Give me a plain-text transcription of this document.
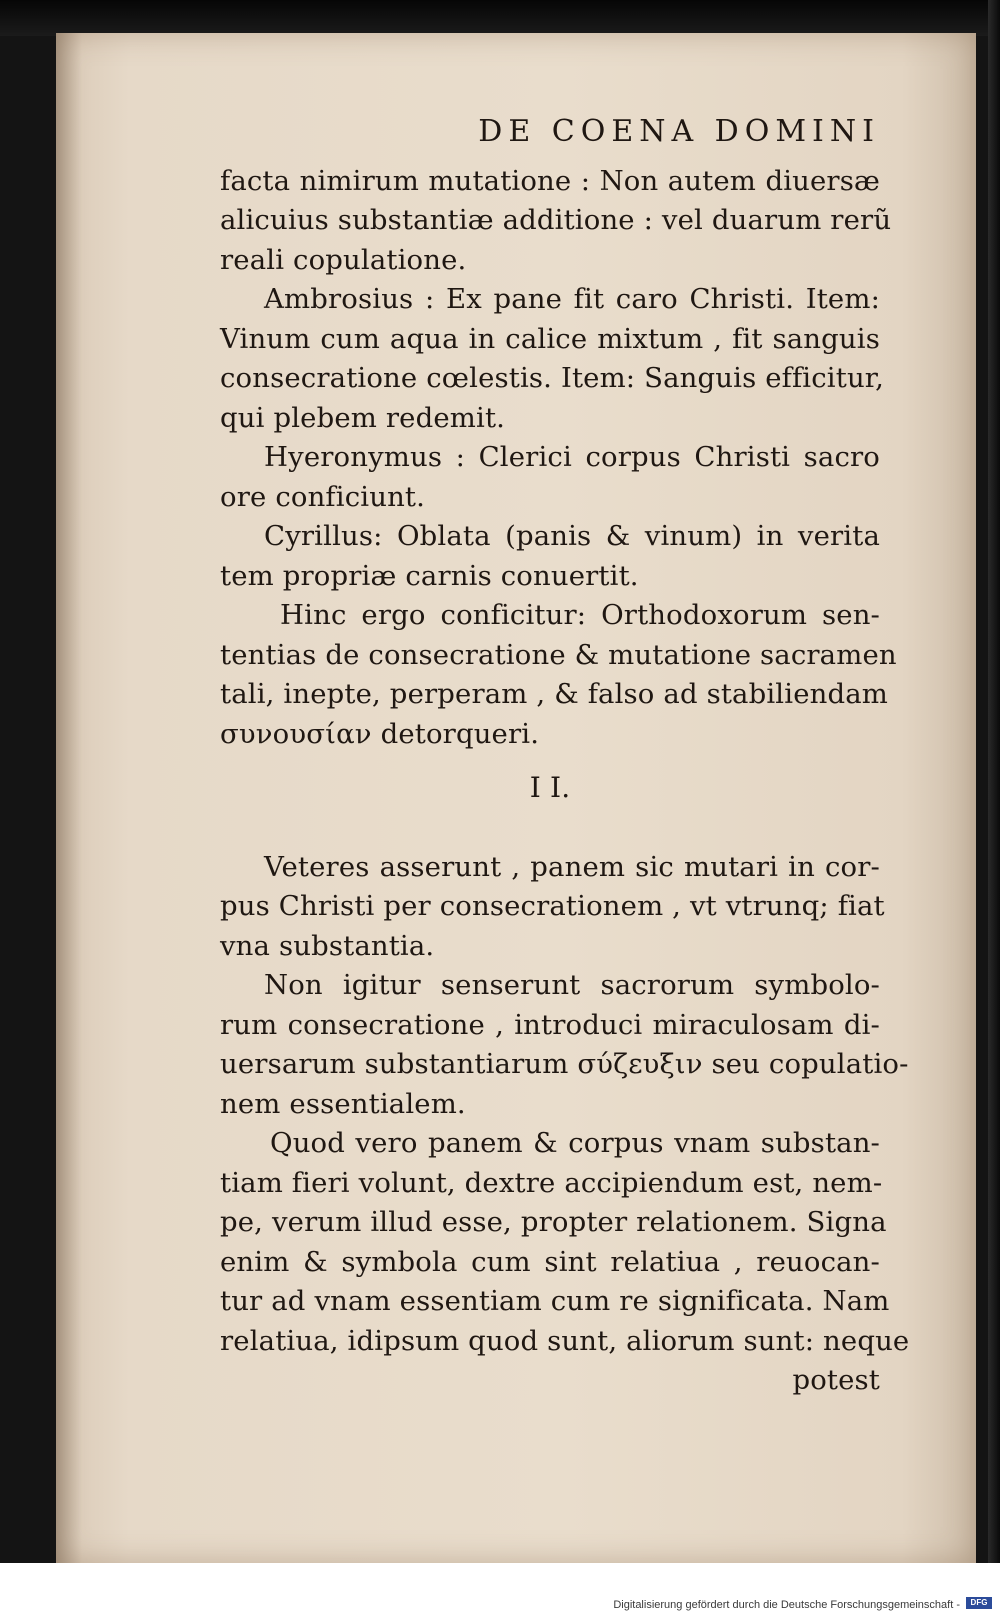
DE COENA DOMINI
facta nimirum mutatione : Non autem diuersæ
alicuius substantiæ additione : vel duarum rerũ
reali copulatione.
Ambrosius : Ex pane fit caro Christi. Item:
Vinum cum aqua in calice mixtum , fit sanguis
consecratione cœlestis. Item: Sanguis efficitur,
qui plebem redemit.
Hyeronymus : Clerici corpus Christi sacro
ore conficiunt.
Cyrillus: Oblata (panis & vinum) in verita
tem propriæ carnis conuertit.
Hinc ergo conficitur: Orthodoxorum sen-
tentias de consecratione & mutatione sacramen
tali, inepte, perperam , & falso ad stabiliendam
συνουσίαν detorqueri.
I I.
Veteres asserunt , panem sic mutari in cor-
pus Christi per consecrationem , vt vtrunq; fiat
vna substantia.
Non igitur senserunt sacrorum symbolo-
rum consecratione , introduci miraculosam di-
uersarum substantiarum σύζευξιν seu copulatio-
nem essentialem.
Quod vero panem & corpus vnam substan-
tiam fieri volunt, dextre accipiendum est, nem-
pe, verum illud esse, propter relationem. Signa
enim & symbola cum sint relatiua , reuocan-
tur ad vnam essentiam cum re significata. Nam
relatiua, idipsum quod sunt, aliorum sunt: neque
potest
Digitalisierung gefördert durch die Deutsche Forschungsgemeinschaft -	DFG
